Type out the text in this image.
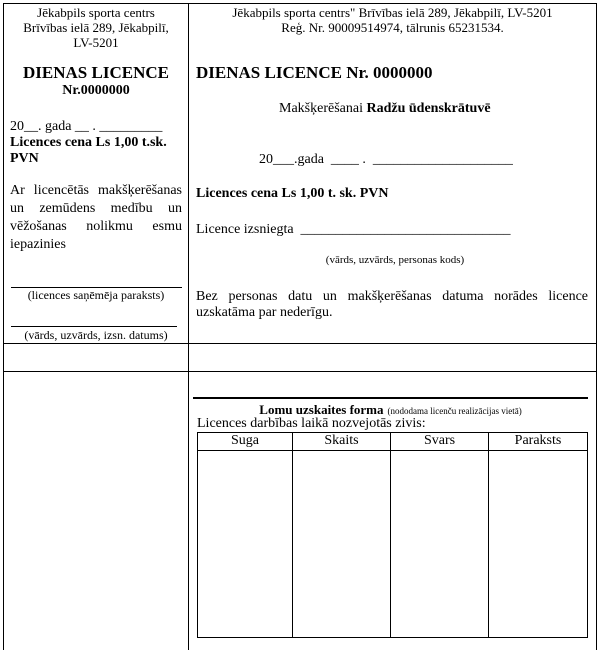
Jēkabpils sporta centrs
Brīvības ielā 289, Jēkabpilī,
LV-5201
DIENAS LICENCE
Nr.0000000
20__. gada __ . _________
Licences cena Ls 1,00 t.sk.
PVN
Ar licencētās makšķerēšanas
un zemūdens medību un
vēžošanas nolikmu esmu
iepazinies
(licences saņēmēja paraksts)
(vārds, uzvārds, izsn. datums)
Jēkabpils sporta centrs" Brīvības ielā 289, Jēkabpilī, LV-5201
Reģ. Nr. 90009514974, tālrunis 65231534.
DIENAS LICENCE Nr. 0000000
Makšķerēšanai Radžu ūdenskrātuvē
20___.gada  ____ .  ____________________
Licences cena Ls 1,00 t. sk. PVN
Licence izsniegta  ______________________________
(vārds, uzvārds, personas kods)
Bez personas datu un makšķerēšanas datuma norādes licence
uzskatāma par nederīgu.
Lomu uzskaites forma (nododama licenču realizācijas vietā)
Licences darbības laikā nozvejotās zivis:
Suga	Skaits	Svars	Paraksts
